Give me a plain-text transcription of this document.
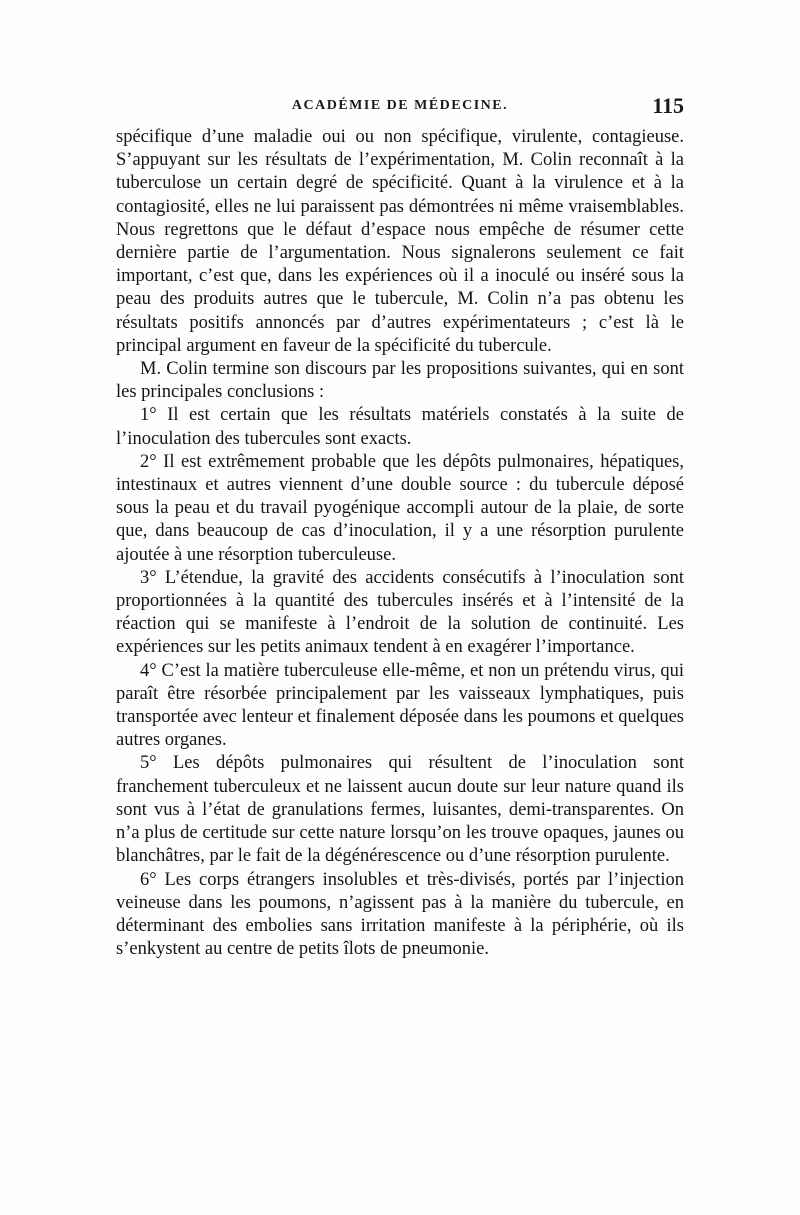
ACADÉMIE DE MÉDECINE.	115

spécifique d’une maladie oui ou non spécifique, virulente, contagieuse. S’appuyant sur les résultats de l’expérimentation, M. Colin reconnaît à la tuberculose un certain degré de spécificité. Quant à la virulence et à la contagiosité, elles ne lui paraissent pas démontrées ni même vraisemblables. Nous regrettons que le défaut d’espace nous empêche de résumer cette dernière partie de l’argumentation. Nous signalerons seulement ce fait important, c’est que, dans les expériences où il a inoculé ou inséré sous la peau des produits autres que le tubercule, M. Colin n’a pas obtenu les résultats positifs annoncés par d’autres expérimentateurs ; c’est là le principal argument en faveur de la spécificité du tubercule.

M. Colin termine son discours par les propositions suivantes, qui en sont les principales conclusions :

1° Il est certain que les résultats matériels constatés à la suite de l’inoculation des tubercules sont exacts.

2° Il est extrêmement probable que les dépôts pulmonaires, hépatiques, intestinaux et autres viennent d’une double source : du tubercule déposé sous la peau et du travail pyogénique accompli autour de la plaie, de sorte que, dans beaucoup de cas d’inoculation, il y a une résorption purulente ajoutée à une résorption tuberculeuse.

3° L’étendue, la gravité des accidents consécutifs à l’inoculation sont proportionnées à la quantité des tubercules insérés et à l’intensité de la réaction qui se manifeste à l’endroit de la solution de continuité. Les expériences sur les petits animaux tendent à en exagérer l’importance.

4° C’est la matière tuberculeuse elle-même, et non un prétendu virus, qui paraît être résorbée principalement par les vaisseaux lymphatiques, puis transportée avec lenteur et finalement déposée dans les poumons et quelques autres organes.

5° Les dépôts pulmonaires qui résultent de l’inoculation sont franchement tuberculeux et ne laissent aucun doute sur leur nature quand ils sont vus à l’état de granulations fermes, luisantes, demi-transparentes. On n’a plus de certitude sur cette nature lorsqu’on les trouve opaques, jaunes ou blanchâtres, par le fait de la dégénérescence ou d’une résorption purulente.

6° Les corps étrangers insolubles et très-divisés, portés par l’injection veineuse dans les poumons, n’agissent pas à la manière du tubercule, en déterminant des embolies sans irritation manifeste à la périphérie, où ils s’enkystent au centre de petits îlots de pneumonie.
